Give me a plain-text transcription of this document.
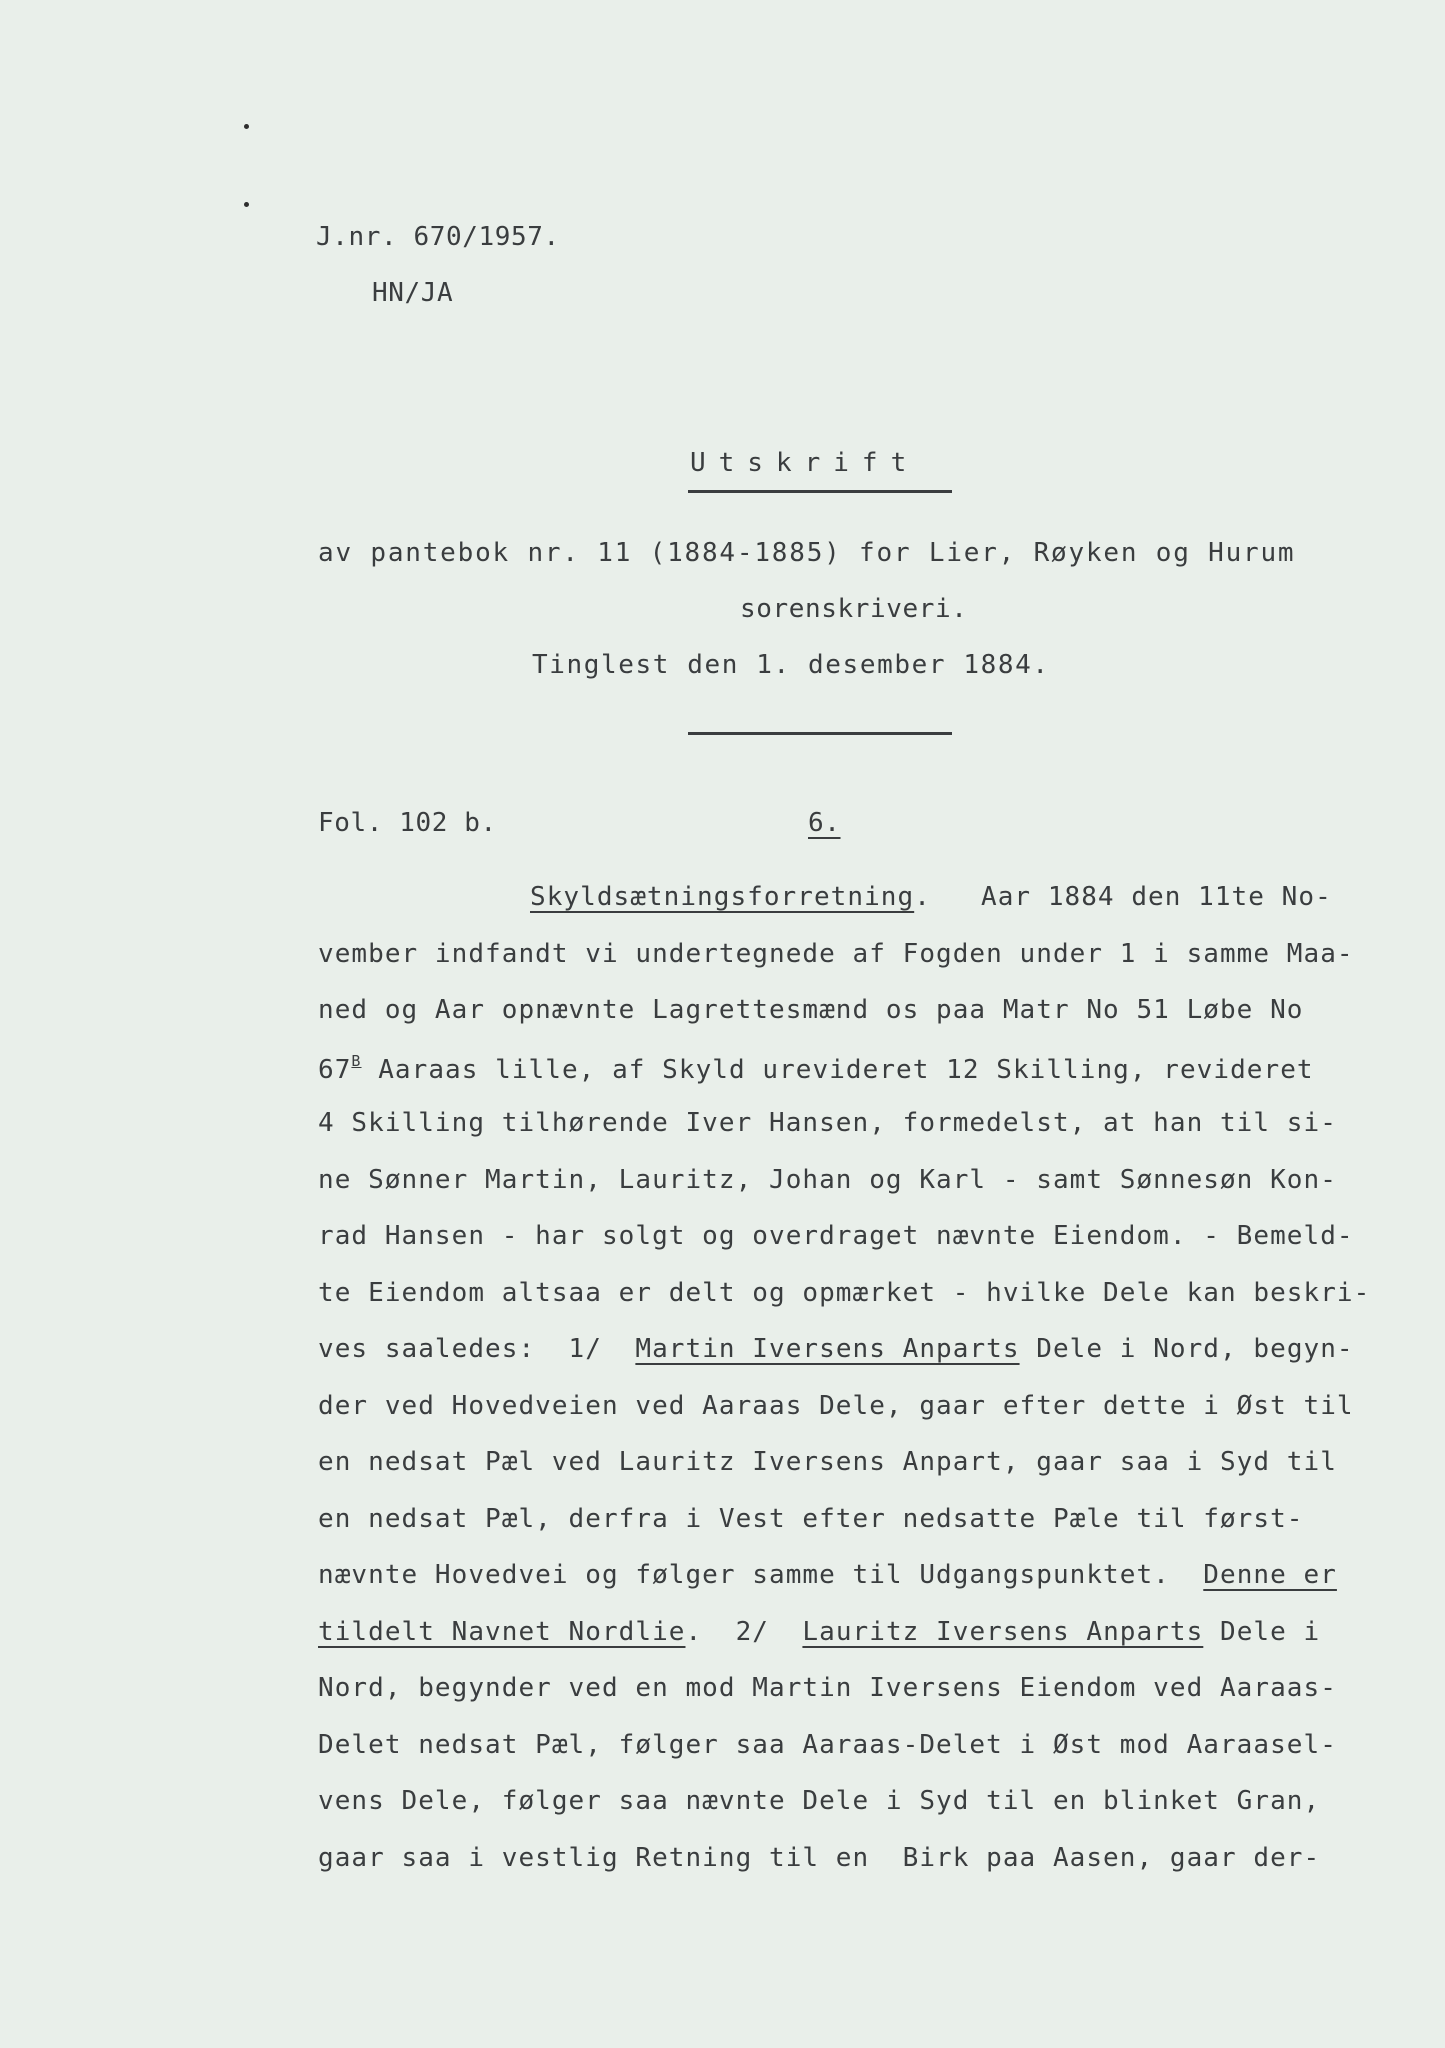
J.nr. 670/1957.
HN/JA
Utskrift
av pantebok nr. 11 (1884-1885) for Lier, Røyken og Hurum
sorenskriveri.
Tinglest den 1. desember 1884.
Fol. 102 b.	6.
Skyldsætningsforretning.   Aar 1884 den 11te No-
vember indfandt vi undertegnede af Fogden under 1 i samme Maa-
ned og Aar opnævnte Lagrettesmænd os paa Matr No 51 Løbe No
$67^B$ Aaraas lille, af Skyld urevideret 12 Skilling, revideret
4 Skilling tilhørende Iver Hansen, formedelst, at han til si-
ne Sønner Martin, Lauritz, Johan og Karl - samt Sønnesøn Kon-
rad Hansen - har solgt og overdraget nævnte Eiendom. - Bemeld-
te Eiendom altsaa er delt og opmærket - hvilke Dele kan beskri-
ves saaledes:  1/  Martin Iversens Anparts Dele i Nord, begyn-
der ved Hovedveien ved Aaraas Dele, gaar efter dette i Øst til
en nedsat Pæl ved Lauritz Iversens Anpart, gaar saa i Syd til
en nedsat Pæl, derfra i Vest efter nedsatte Pæle til først-
nævnte Hovedvei og følger samme til Udgangspunktet.  Denne er
tildelt Navnet Nordlie.  2/  Lauritz Iversens Anparts Dele i
Nord, begynder ved en mod Martin Iversens Eiendom ved Aaraas-
Delet nedsat Pæl, følger saa Aaraas-Delet i Øst mod Aaraasel-
vens Dele, følger saa nævnte Dele i Syd til en blinket Gran,
gaar saa i vestlig Retning til en  Birk paa Aasen, gaar der-
